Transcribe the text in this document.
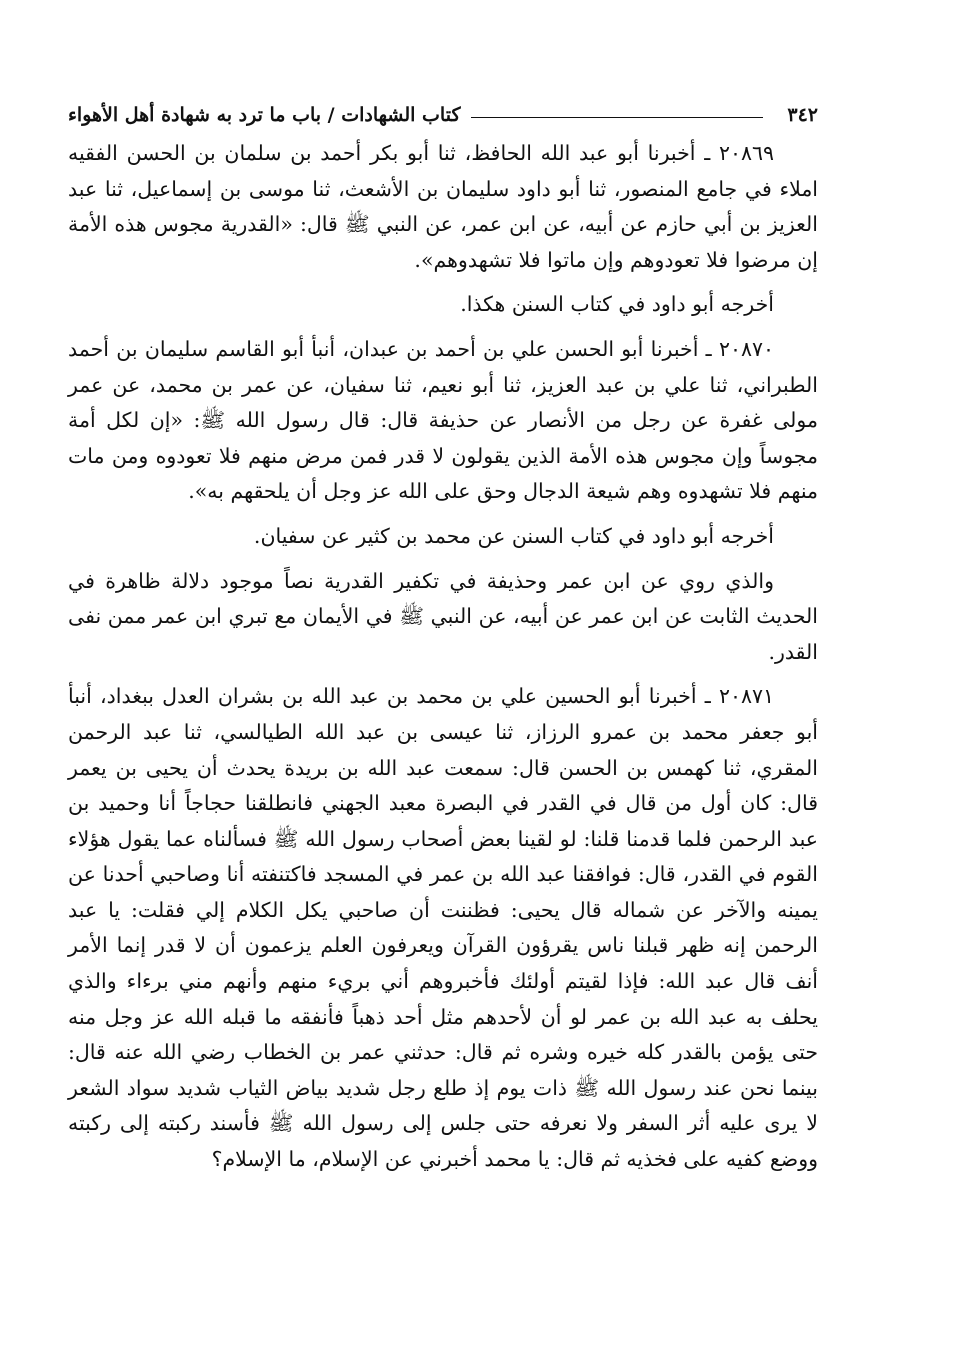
٣٤٢
كتاب الشهادات / باب ما ترد به شهادة أهل الأهواء

٢٠٨٦٩ ـ أخبرنا أبو عبد الله الحافظ، ثنا أبو بكر أحمد بن سلمان بن الحسن الفقيه املاء في جامع المنصور، ثنا أبو داود سليمان بن الأشعث، ثنا موسى بن إسماعيل، ثنا عبد العزيز بن أبي حازم عن أبيه، عن ابن عمر، عن النبي ﷺ قال: «القدرية مجوس هذه الأمة إن مرضوا فلا تعودوهم وإن ماتوا فلا تشهدوهم».

أخرجه أبو داود في كتاب السنن هكذا.

٢٠٨٧٠ ـ أخبرنا أبو الحسن علي بن أحمد بن عبدان، أنبأ أبو القاسم سليمان بن أحمد الطبراني، ثنا علي بن عبد العزيز، ثنا أبو نعيم، ثنا سفيان، عن عمر بن محمد، عن عمر مولى غفرة عن رجل من الأنصار عن حذيفة قال: قال رسول الله ﷺ: «إن لكل أمة مجوساً وإن مجوس هذه الأمة الذين يقولون لا قدر فمن مرض منهم فلا تعودوه ومن مات منهم فلا تشهدوه وهم شيعة الدجال وحق على الله عز وجل أن يلحقهم به».

أخرجه أبو داود في كتاب السنن عن محمد بن كثير عن سفيان.

والذي روي عن ابن عمر وحذيفة في تكفير القدرية نصاً موجود دلالة ظاهرة في الحديث الثابت عن ابن عمر عن أبيه، عن النبي ﷺ في الأيمان مع تبري ابن عمر ممن نفى القدر.

٢٠٨٧١ ـ أخبرنا أبو الحسين علي بن محمد بن عبد الله بن بشران العدل ببغداد، أنبأ أبو جعفر محمد بن عمرو الرزاز، ثنا عيسى بن عبد الله الطيالسي، ثنا عبد الرحمن المقري، ثنا كهمس بن الحسن قال: سمعت عبد الله بن بريدة يحدث أن يحيى بن يعمر قال: كان أول من قال في القدر في البصرة معبد الجهني فانطلقنا حجاجاً أنا وحميد بن عبد الرحمن فلما قدمنا قلنا: لو لقينا بعض أصحاب رسول الله ﷺ فسألناه عما يقول هؤلاء القوم في القدر، قال: فوافقنا عبد الله بن عمر في المسجد فاكتنفته أنا وصاحبي أحدنا عن يمينه والآخر عن شماله قال يحيى: فظننت أن صاحبي يكل الكلام إلي فقلت: يا عبد الرحمن إنه ظهر قبلنا ناس يقرؤون القرآن ويعرفون العلم يزعمون أن لا قدر إنما الأمر أنف قال عبد الله: فإذا لقيتم أولئك فأخبروهم أني بريء منهم وأنهم مني برءاء والذي يحلف به عبد الله بن عمر لو أن لأحدهم مثل أحد ذهباً فأنفقه ما قبله الله عز وجل منه حتى يؤمن بالقدر كله خيره وشره ثم قال: حدثني عمر بن الخطاب رضي الله عنه قال: بينما نحن عند رسول الله ﷺ ذات يوم إذ طلع رجل شديد بياض الثياب شديد سواد الشعر لا يرى عليه أثر السفر ولا نعرفه حتى جلس إلى رسول الله ﷺ فأسند ركبته إلى ركبته ووضع كفيه على فخذيه ثم قال: يا محمد أخبرني عن الإسلام، ما الإسلام؟
